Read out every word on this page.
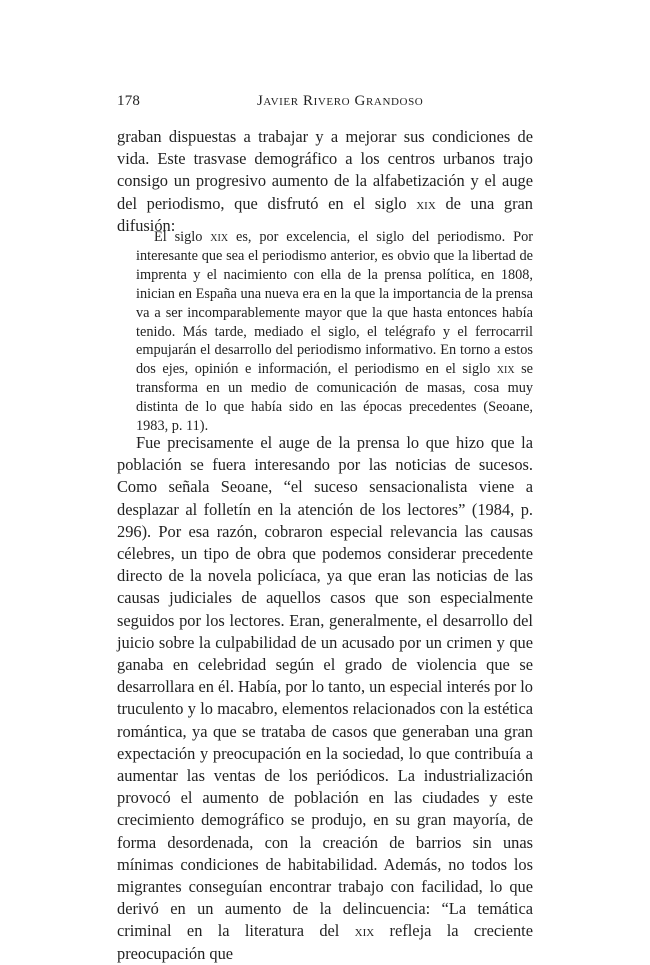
178	Javier Rivero Grandoso

graban dispuestas a trabajar y a mejorar sus condiciones de vida. Este trasvase demográfico a los centros urbanos trajo consigo un progresivo aumento de la alfabetización y el auge del periodismo, que disfrutó en el siglo xix de una gran difusión:

El siglo xix es, por excelencia, el siglo del periodismo. Por interesante que sea el periodismo anterior, es obvio que la libertad de imprenta y el nacimiento con ella de la prensa política, en 1808, inician en España una nueva era en la que la importancia de la prensa va a ser incomparablemente mayor que la que hasta entonces había tenido. Más tarde, mediado el siglo, el telégrafo y el ferrocarril empujarán el desarrollo del periodismo informativo. En torno a estos dos ejes, opinión e información, el periodismo en el siglo xix se transforma en un medio de comunicación de masas, cosa muy distinta de lo que había sido en las épocas precedentes (Seoane, 1983, p. 11).

Fue precisamente el auge de la prensa lo que hizo que la población se fuera interesando por las noticias de sucesos. Como señala Seoane, “el suceso sensacionalista viene a desplazar al folletín en la atención de los lectores” (1984, p. 296). Por esa razón, cobraron especial relevancia las causas célebres, un tipo de obra que podemos considerar precedente directo de la novela policíaca, ya que eran las noticias de las causas judiciales de aquellos casos que son especialmente seguidos por los lectores. Eran, generalmente, el desarrollo del juicio sobre la culpabilidad de un acusado por un crimen y que ganaba en celebridad según el grado de violencia que se desarrollara en él. Había, por lo tanto, un especial interés por lo truculento y lo macabro, elementos relacionados con la estética romántica, ya que se trataba de casos que generaban una gran expectación y preocupación en la sociedad, lo que contribuía a aumentar las ventas de los periódicos. La industrialización provocó el aumento de población en las ciudades y este crecimiento demográfico se produjo, en su gran mayoría, de forma desordenada, con la creación de barrios sin unas mínimas condiciones de habitabilidad. Además, no todos los migrantes conseguían encontrar trabajo con facilidad, lo que derivó en un aumento de la delincuencia: “La temática criminal en la literatura del xix refleja la creciente preocupación que
